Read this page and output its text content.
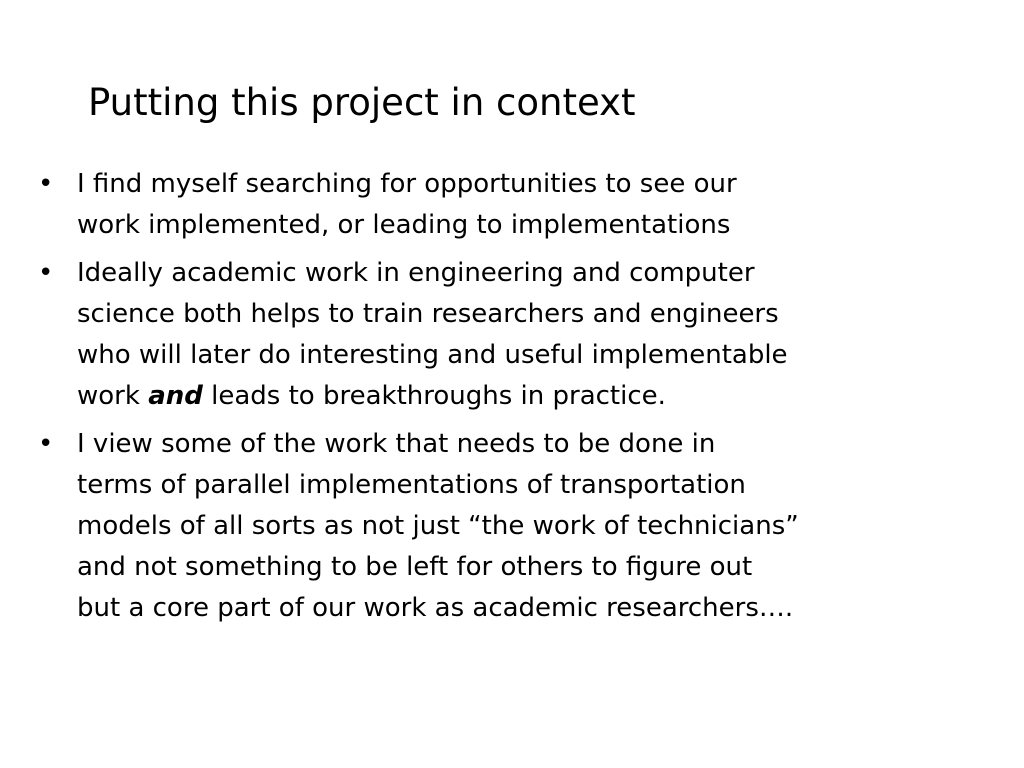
Putting this project in context
• I find myself searching for opportunities to see our
work implemented, or leading to implementations
• Ideally academic work in engineering and computer
science both helps to train researchers and engineers
who will later do interesting and useful implementable
work and leads to breakthroughs in practice.
• I view some of the work that needs to be done in
terms of parallel implementations of transportation
models of all sorts as not just “the work of technicians”
and not something to be left for others to figure out
but a core part of our work as academic researchers….
